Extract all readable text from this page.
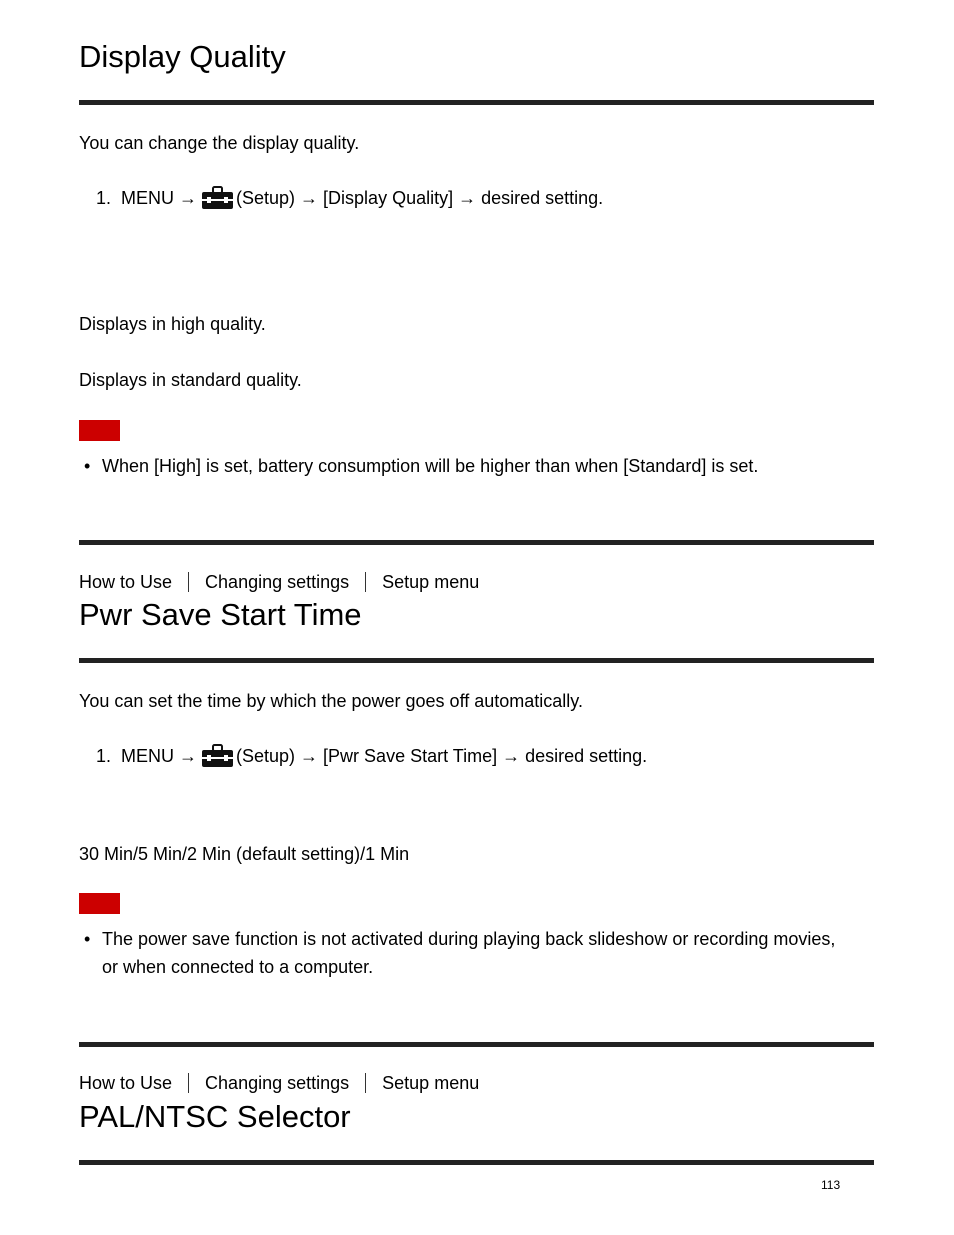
Display Quality
You can change the display quality.
1. MENU → (Setup) → [Display Quality] → desired setting.
Displays in high quality.
Displays in standard quality.
• When [High] is set, battery consumption will be higher than when [Standard] is set.
How to Use Changing settings Setup menu
Pwr Save Start Time
You can set the time by which the power goes off automatically.
1. MENU → (Setup) → [Pwr Save Start Time] → desired setting.
30 Min/5 Min/2 Min (default setting)/1 Min
• The power save function is not activated during playing back slideshow or recording movies,
or when connected to a computer.
How to Use Changing settings Setup menu
PAL/NTSC Selector
113
